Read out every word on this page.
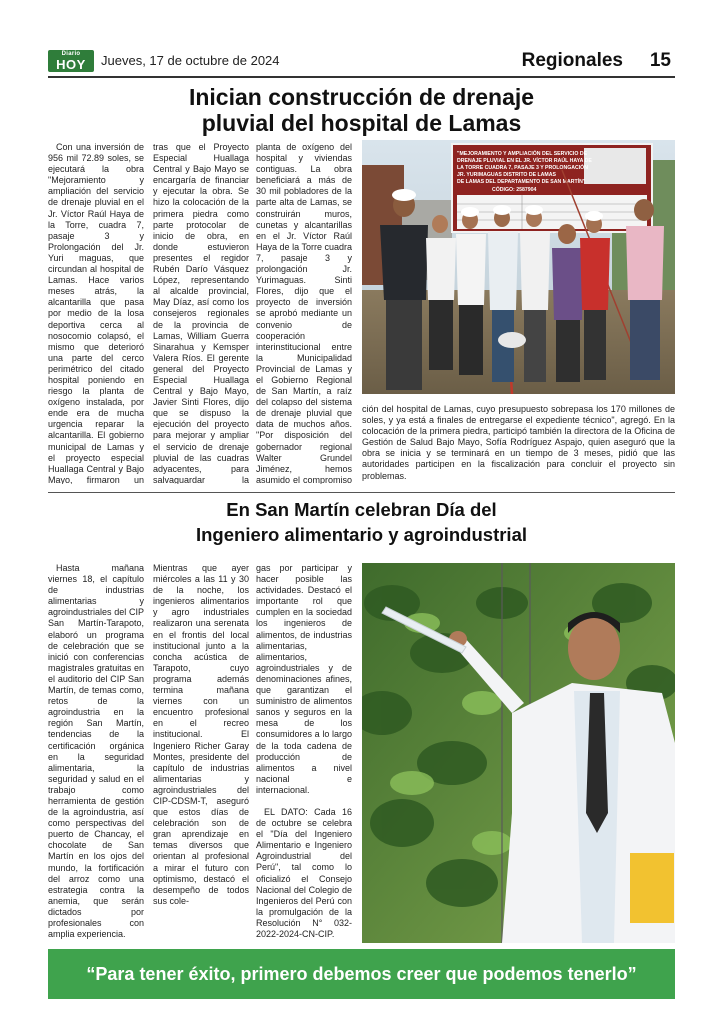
Diario
HOY	Jueves, 17 de octubre de 2024	Regionales 15
Inician construcción de drenaje
pluvial del hospital de Lamas

Con una inversión de 956 mil 72.89 soles, se ejecutará la obra "Mejoramiento y ampliación del servicio de drenaje pluvial en el Jr. Víctor Raúl Haya de la Torre, cuadra 7, pasaje 3 y Prolongación del Jr. Yuri maguas, que circundan al hospital de Lamas. Hace varios meses atrás, la alcantarilla que pasa por medio de la losa deportiva cerca al nosocomio colapsó, el mismo que deterioró una parte del cerco perimétrico del citado hospital poniendo en riesgo la planta de oxígeno instalada, por ende era de mucha urgencia reparar la alcantarilla. El gobierno municipal de Lamas y el proyecto especial Huallaga Central y Bajo Mayo, firmaron un

tras que el Proyecto Especial Huallaga Central y Bajo Mayo se encargaría de financiar y ejecutar la obra. Se hizo la colocación de la primera piedra como parte protocolar de inicio de obra, en donde estuvieron presentes el regidor Rubén Darío Vásquez López, representando al alcalde provincial, May Díaz, así como los consejeros regionales de la provincia de Lamas, William Guerra Sinarahua y Kemsper Valera Ríos. El gerente general del Proyecto Especial Huallaga Central y Bajo Mayo, Javier Sinti Flores, dijo que se dispuso la ejecución del proyecto para mejorar y ampliar el servicio de drenaje pluvial de las cuadras adyacentes, para salvaguardar la

planta de oxígeno del hospital y viviendas contiguas. La obra beneficiará a más de 30 mil pobladores de la parte alta de Lamas, se construirán muros, cunetas y alcantarillas en el Jr. Víctor Raúl Haya de la Torre cuadra 7, pasaje 3 y prolongación Jr. Yurimaguas. Sinti Flores, dijo que el proyecto de inversión se aprobó mediante un convenio de cooperación interinstitucional entre la Municipalidad Provincial de Lamas y el Gobierno Regional de San Martín, a raíz del colapso del sistema de drenaje pluvial que data de muchos años. "Por disposición del gobernador regional Walter Grundel Jiménez, hemos asumido el compromiso

"MEJORAMIENTO Y AMPLIACIÓN DEL SERVICIO DE
DRENAJE PLUVIAL EN EL JR. VÍCTOR RAÚL HAYA DE
LA TORRE CUADRA 7, PASAJE 3 Y PROLONGACIÓN
JR. YURIMAGUAS DISTRITO DE LAMAS
DE LAMAS DEL DEPARTAMENTO DE SAN MARTÍN"
CÓDIGO: 2587904
ción del hospital de Lamas, cuyo presupuesto sobrepasa los 170 millones de soles, y ya está a finales de entregarse el expediente técnico", agregó. En la colocación de la primera piedra, participó también la directora de la Oficina de Gestión de Salud Bajo Mayo, Sofía Rodríguez Aspajo, quien aseguró que la obra se inicia y se terminará en un tiempo de 3 meses, pidió que las autoridades participen en la fiscalización para concluir el proyecto sin problemas.
En San Martín celebran Día del
Ingeniero alimentario y agroindustrial

Hasta mañana viernes 18, el capítulo de industrias alimentarias y agroindustriales del CIP San Martín-Tarapoto, elaboró un programa de celebración que se inició con conferencias magistrales gratuitas en el auditorio del CIP San Martín, de temas como, retos de la agroindustria en la región San Martín, tendencias de la certificación orgánica en la seguridad alimentaria, la seguridad y salud en el trabajo como herramienta de gestión de la agroindustria, así como perspectivas del puerto de Chancay, el chocolate de San Martín en los ojos del mundo, la fortificación del arroz como una estrategia contra la anemia, que serán dictados por profesionales con amplia experiencia.

Mientras que ayer miércoles a las 11 y 30 de la noche, los ingenieros alimentarios y agro industriales realizaron una serenata en el frontis del local institucional junto a la concha acústica de Tarapoto, cuyo programa además termina mañana viernes con un encuentro profesional en el recreo institucional. El Ingeniero Richer Garay Montes, presidente del capítulo de industrias alimentarias y agroindustriales del CIP-CDSM-T, aseguró que estos días de celebración son de gran aprendizaje en temas diversos que orientan al profesional a mirar el futuro con optimismo, destacó el desempeño de todos sus cole-

gas por participar y hacer posible las actividades. Destacó el importante rol que cumplen en la sociedad los ingenieros de alimentos, de industrias alimentarias, alimentarios, agroindustriales y de denominaciones afines, que garantizan el suministro de alimentos sanos y seguros en la mesa de los consumidores a lo largo de la toda cadena de producción de alimentos a nivel nacional e internacional.

EL DATO: Cada 16 de octubre se celebra el "Día del Ingeniero Alimentario e Ingeniero Agroindustrial del Perú", tal como lo oficializó el Consejo Nacional del Colegio de Ingenieros del Perú con la promulgación de la Resolución N° 032-2022-2024-CN-CIP.

“Para tener éxito, primero debemos creer que podemos tenerlo”
